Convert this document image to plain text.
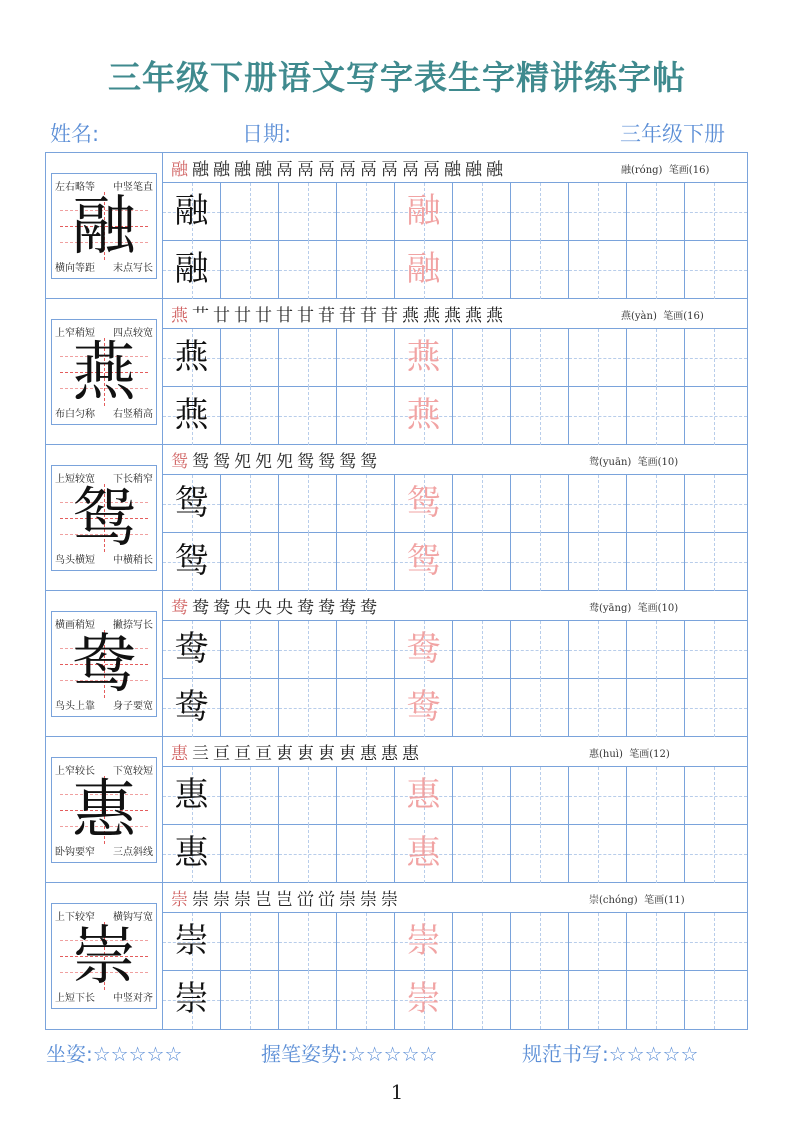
三年级下册语文写字表生字精讲练字帖
姓名:	日期:	三年级下册
左右略等 中竖笔直
融
横向等距 末点写长
融 融 融 融 融 鬲 鬲 鬲 鬲 鬲 鬲 鬲 鬲 融 融 融	融(róng) 笔画(16)
融	融
融	融
上窄稍短 四点较宽
燕
布白匀称 右竖稍高
燕 艹 廿 廿 廿 甘 甘 苷 苷 苷 苷 燕 燕 燕 燕 燕	燕(yàn) 笔画(16)
燕	燕
燕	燕
上短较宽 下长稍窄
鸳
鸟头横短 中横稍长
鸳 鸳 鸳 夗 夗 夗 鸳 鸳 鸳 鸳	鸳(yuān) 笔画(10)
鸳	鸳
鸳	鸳
横画稍短 撇捺写长
鸯
鸟头上靠 身子要宽
鸯 鸯 鸯 央 央 央 鸯 鸯 鸯 鸯	鸯(yāng) 笔画(10)
鸯	鸯
鸯	鸯
上窄较长 下宽较短
惠
卧钩要窄 三点斜线
惠 亖 亘 亘 亘 叀 叀 叀 叀 惠 惠 惠	惠(huì) 笔画(12)
惠	惠
惠	惠
上下较窄 横钩写宽
崇
上短下长 中竖对齐
崇 崇 崇 崇 岂 岂 峃 峃 崇 崇 崇	崇(chóng) 笔画(11)
崇	崇
崇	崇
坐姿:☆☆☆☆☆	握笔姿势:☆☆☆☆☆	规范书写:☆☆☆☆☆
1
